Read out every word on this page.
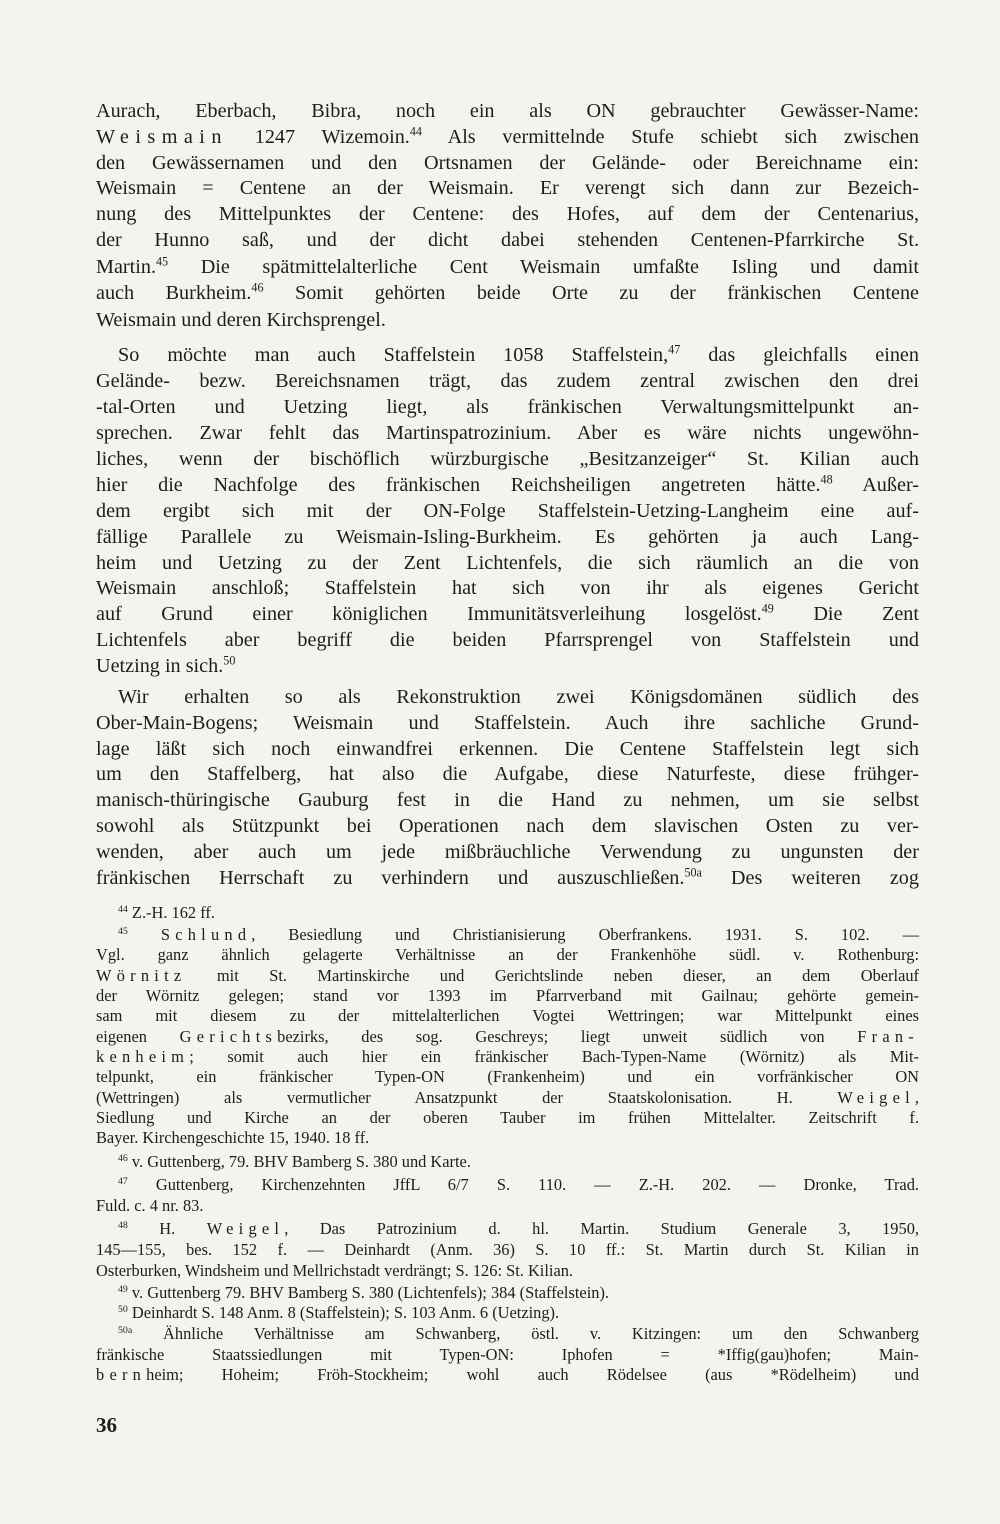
Aurach, Eberbach, Bibra, noch ein als ON gebrauchter Gewässer-Name:
Weismain 1247 Wizemoin.$^{44}$ Als vermittelnde Stufe schiebt sich zwischen
den Gewässernamen und den Ortsnamen der Gelände- oder Bereichname ein:
Weismain = Centene an der Weismain. Er verengt sich dann zur Bezeich-
nung des Mittelpunktes der Centene: des Hofes, auf dem der Centenarius,
der Hunno saß, und der dicht dabei stehenden Centenen-Pfarrkirche St.
Martin.$^{45}$ Die spätmittelalterliche Cent Weismain umfaßte Isling und damit
auch Burkheim.$^{46}$ Somit gehörten beide Orte zu der fränkischen Centene
Weismain und deren Kirchsprengel.
So möchte man auch Staffelstein 1058 Staffelstein,$^{47}$ das gleichfalls einen
Gelände- bezw. Bereichsnamen trägt, das zudem zentral zwischen den drei
-tal-Orten und Uetzing liegt, als fränkischen Verwaltungsmittelpunkt an-
sprechen. Zwar fehlt das Martinspatrozinium. Aber es wäre nichts ungewöhn-
liches, wenn der bischöflich würzburgische „Besitzanzeiger“ St. Kilian auch
hier die Nachfolge des fränkischen Reichsheiligen angetreten hätte.$^{48}$ Außer-
dem ergibt sich mit der ON-Folge Staffelstein-Uetzing-Langheim eine auf-
fällige Parallele zu Weismain-Isling-Burkheim. Es gehörten ja auch Lang-
heim und Uetzing zu der Zent Lichtenfels, die sich räumlich an die von
Weismain anschloß; Staffelstein hat sich von ihr als eigenes Gericht
auf Grund einer königlichen Immunitätsverleihung losgelöst.$^{49}$ Die Zent
Lichtenfels aber begriff die beiden Pfarrsprengel von Staffelstein und
Uetzing in sich.$^{50}$
Wir erhalten so als Rekonstruktion zwei Königsdomänen südlich des
Ober-Main-Bogens; Weismain und Staffelstein. Auch ihre sachliche Grund-
lage läßt sich noch einwandfrei erkennen. Die Centene Staffelstein legt sich
um den Staffelberg, hat also die Aufgabe, diese Naturfeste, diese frühger-
manisch-thüringische Gauburg fest in die Hand zu nehmen, um sie selbst
sowohl als Stützpunkt bei Operationen nach dem slavischen Osten zu ver-
wenden, aber auch um jede mißbräuchliche Verwendung zu ungunsten der
fränkischen Herrschaft zu verhindern und auszuschließen.$^{50a}$ Des weiteren zog
$^{44}$ Z.-H. 162 ff.
$^{45}$ Schlund, Besiedlung und Christianisierung Oberfrankens. 1931. S. 102. —
Vgl. ganz ähnlich gelagerte Verhältnisse an der Frankenhöhe südl. v. Rothenburg:
Wörnitz mit St. Martinskirche und Gerichtslinde neben dieser, an dem Oberlauf
der Wörnitz gelegen; stand vor 1393 im Pfarrverband mit Gailnau; gehörte gemein-
sam mit diesem zu der mittelalterlichen Vogtei Wettringen; war Mittelpunkt eines
eigenen Gerichtsbezirks, des sog. Geschreys; liegt unweit südlich von Fran-
kenheim; somit auch hier ein fränkischer Bach-Typen-Name (Wörnitz) als Mit-
telpunkt, ein fränkischer Typen-ON (Frankenheim) und ein vorfränkischer ON
(Wettringen) als vermutlicher Ansatzpunkt der Staatskolonisation. H. Weigel,
Siedlung und Kirche an der oberen Tauber im frühen Mittelalter. Zeitschrift f.
Bayer. Kirchengeschichte 15, 1940. 18 ff.
$^{46}$ v. Guttenberg, 79. BHV Bamberg S. 380 und Karte.
$^{47}$ Guttenberg, Kirchenzehnten JffL 6/7 S. 110. — Z.-H. 202. — Dronke, Trad.
Fuld. c. 4 nr. 83.
$^{48}$ H. Weigel, Das Patrozinium d. hl. Martin. Studium Generale 3, 1950,
145—155, bes. 152 f. — Deinhardt (Anm. 36) S. 10 ff.: St. Martin durch St. Kilian in
Osterburken, Windsheim und Mellrichstadt verdrängt; S. 126: St. Kilian.
$^{49}$ v. Guttenberg 79. BHV Bamberg S. 380 (Lichtenfels); 384 (Staffelstein).
$^{50}$ Deinhardt S. 148 Anm. 8 (Staffelstein); S. 103 Anm. 6 (Uetzing).
$^{50a}$ Ähnliche Verhältnisse am Schwanberg, östl. v. Kitzingen: um den Schwanberg
fränkische Staatssiedlungen mit Typen-ON: Iphofen = *Iffig(gau)hofen; Main-
bernheim; Hoheim; Fröh-Stockheim; wohl auch Rödelsee (aus *Rödelheim) und
36
